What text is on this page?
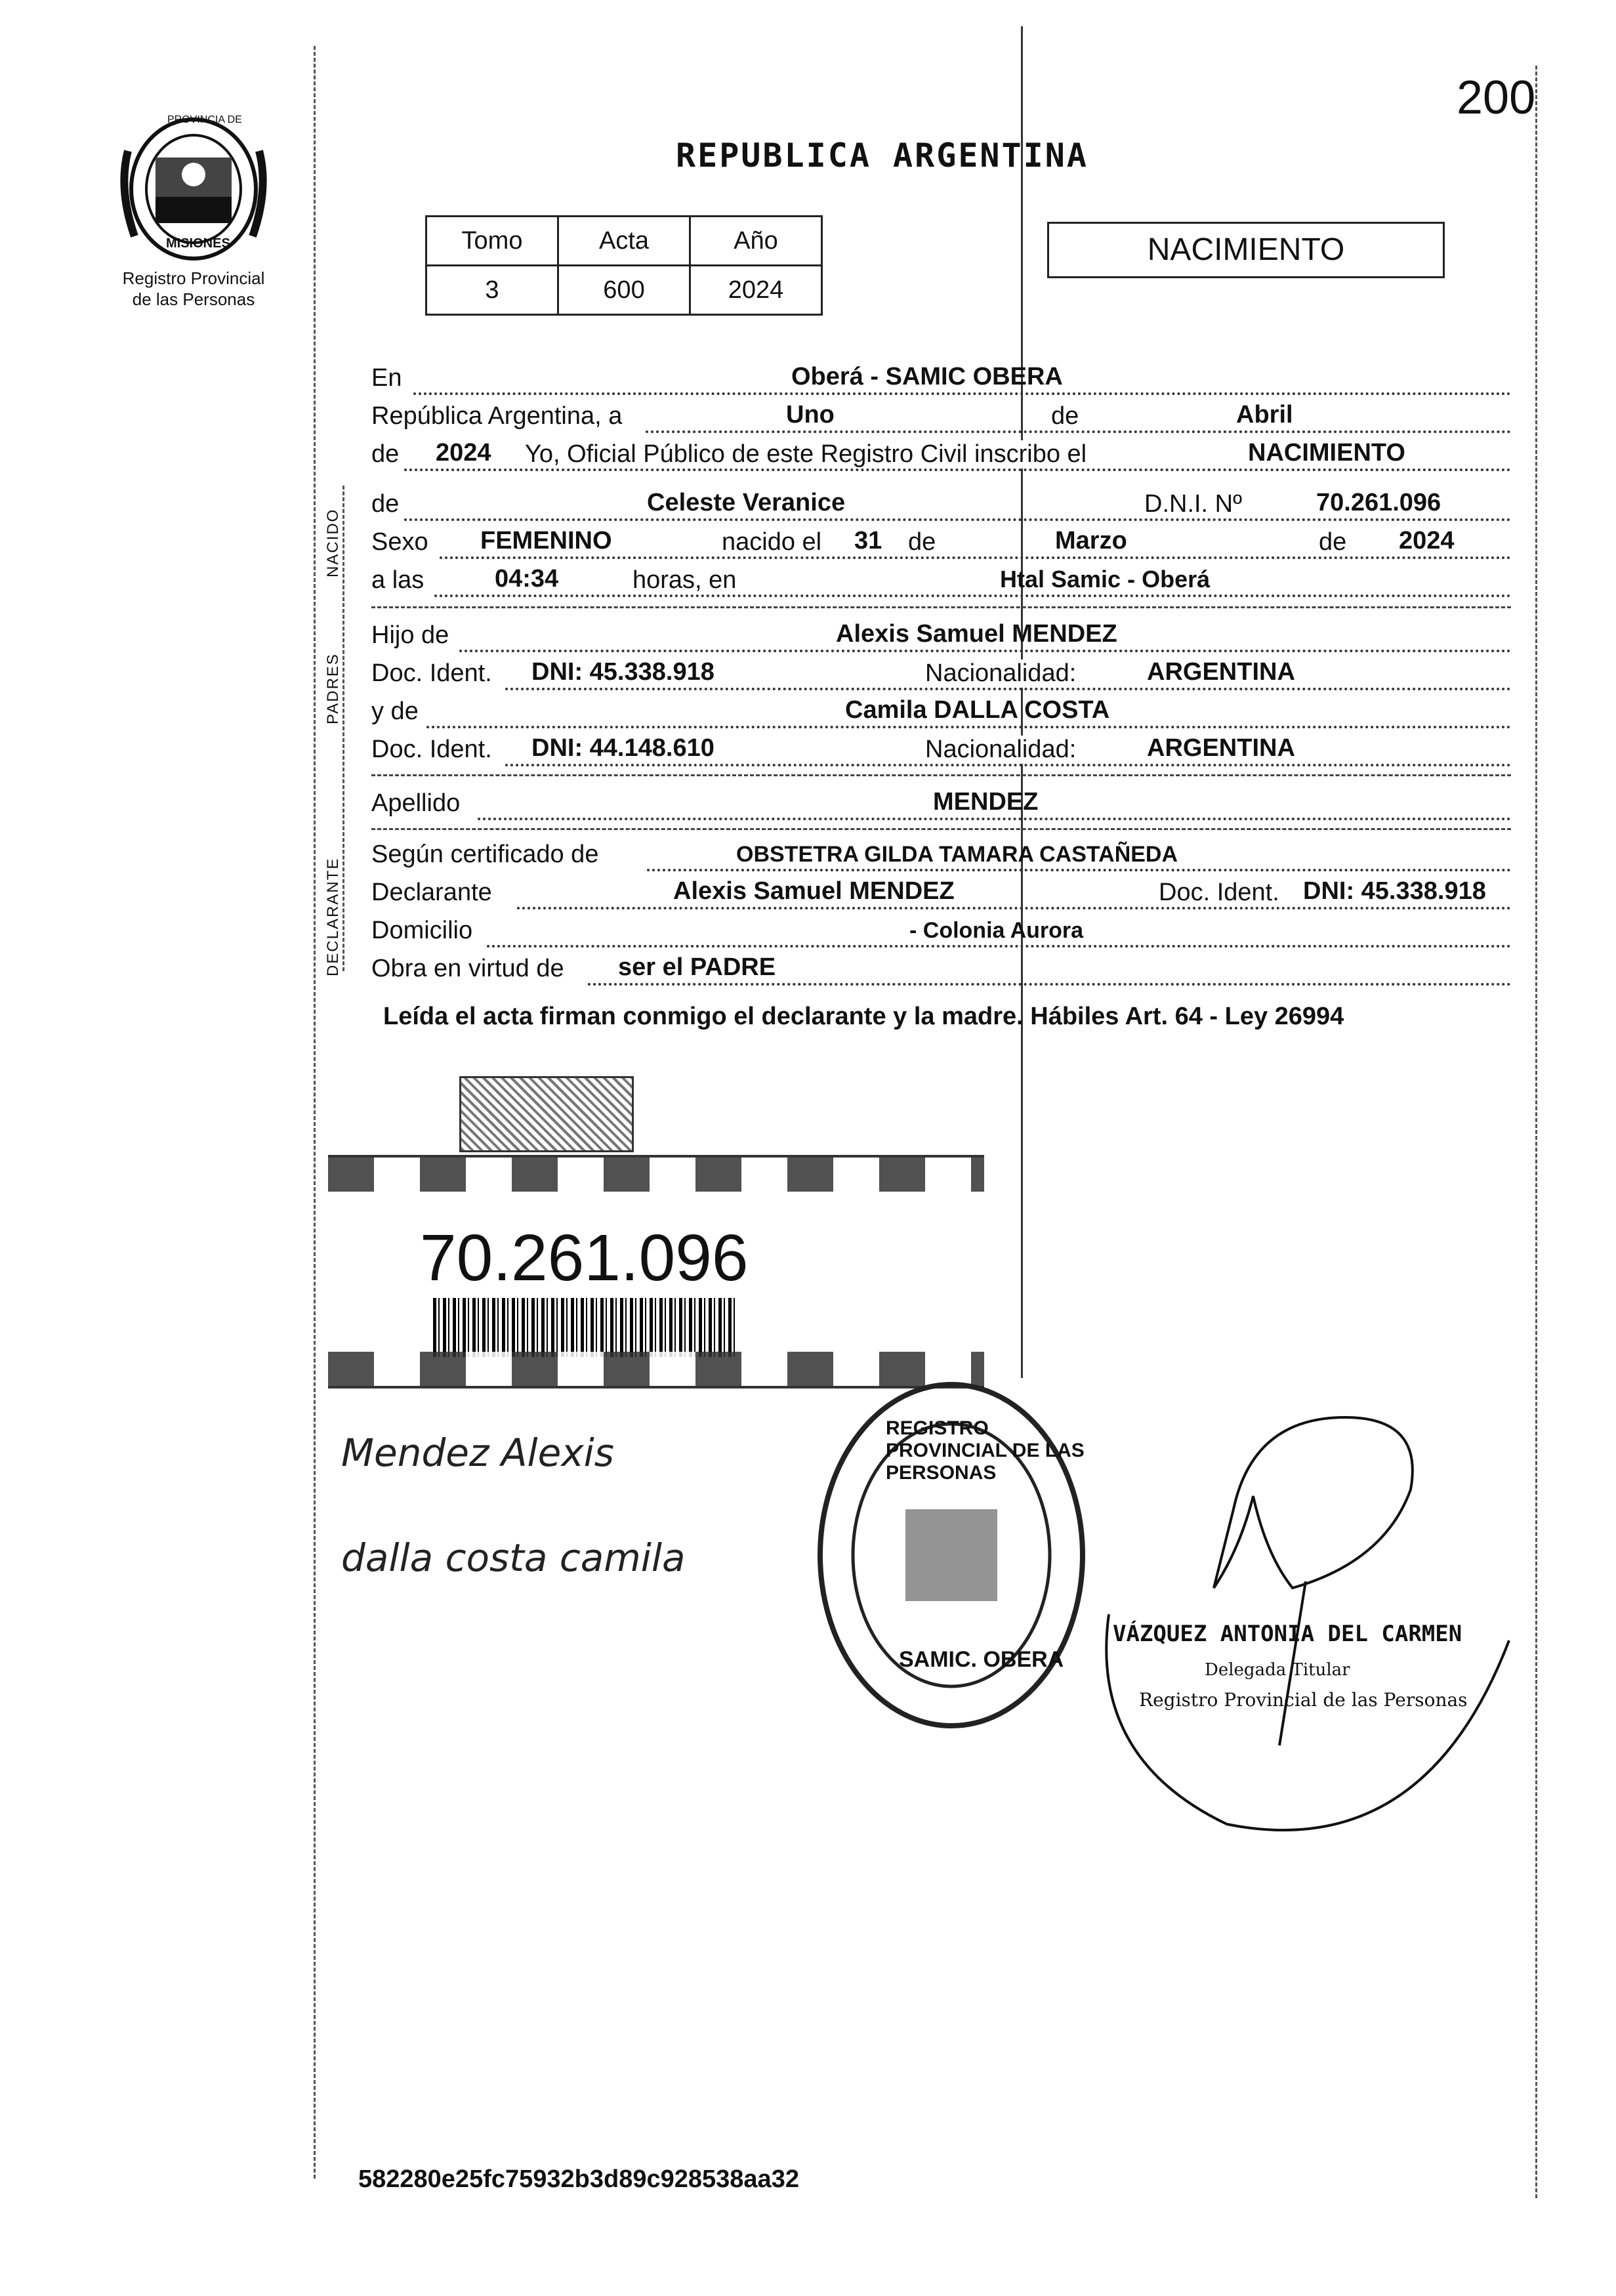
200
PROVINCIA DE
MISIONES
Registro Provincial
de las Personas
REPUBLICA ARGENTINA
Tomo	Acta	Año
3	600	2024
NACIMIENTO
En	Oberá - SAMIC OBERA
República Argentina, a	Uno	de	Abril
de 2024 Yo, Oficial Público de este Registro Civil inscribo el	NACIMIENTO
NACIDO
de	Celeste Veranice	D.N.I. Nº	70.261.096
Sexo FEMENINO	nacido el 31 de	Marzo	de 2024
a las	04:34	horas, en	Htal Samic - Oberá
PADRES
Hijo de	Alexis Samuel MENDEZ
Doc. Ident. DNI: 45.338.918	Nacionalidad:	ARGENTINA
y de	Camila DALLA COSTA
Doc. Ident. DNI: 44.148.610	Nacionalidad:	ARGENTINA
Apellido	MENDEZ
DECLARANTE
Según certificado de	OBSTETRA GILDA TAMARA CASTAÑEDA
Declarante	Alexis Samuel MENDEZ	Doc. Ident. DNI: 45.338.918
Domicilio	- Colonia Aurora
Obra en virtud de ser el PADRE
Leída el acta firman conmigo el declarante y la madre. Hábiles Art. 64 - Ley 26994
70.261.096
Mendez Alexis
dalla costa camila
REGISTRO PROVINCIAL DE LAS PERSONAS
SAMIC. OBERA
VÁZQUEZ ANTONIA DEL CARMEN
Delegada Titular
Registro Provincial de las Personas
582280e25fc75932b3d89c928538aa32
